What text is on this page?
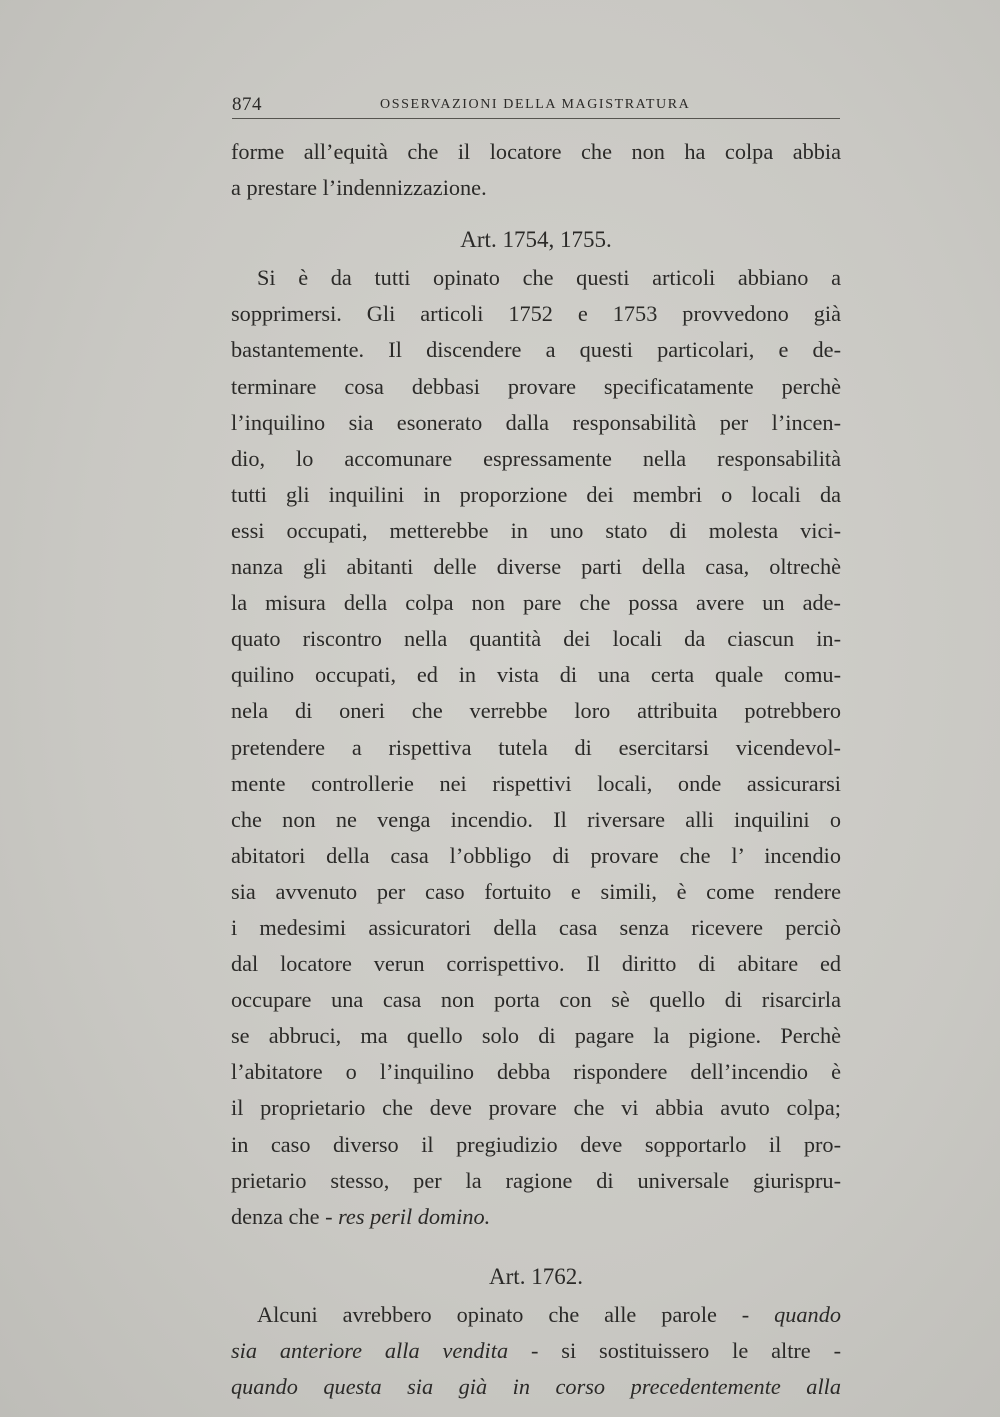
874	OSSERVAZIONI DELLA MAGISTRATURA
forme all’equità che il locatore che non ha colpa abbia
a prestare l’indennizzazione.
Art. 1754, 1755.
Si è da tutti opinato che questi articoli abbiano a
sopprimersi. Gli articoli 1752 e 1753 provvedono già
bastantemente. Il discendere a questi particolari, e de-
terminare cosa debbasi provare specificatamente perchè
l’inquilino sia esonerato dalla responsabilità per l’incen-
dio, lo accomunare espressamente nella responsabilità
tutti gli inquilini in proporzione dei membri o locali da
essi occupati, metterebbe in uno stato di molesta vici-
nanza gli abitanti delle diverse parti della casa, oltrechè
la misura della colpa non pare che possa avere un ade-
quato riscontro nella quantità dei locali da ciascun in-
quilino occupati, ed in vista di una certa quale comu-
nela di oneri che verrebbe loro attribuita potrebbero
pretendere a rispettiva tutela di esercitarsi vicendevol-
mente controllerie nei rispettivi locali, onde assicurarsi
che non ne venga incendio. Il riversare alli inquilini o
abitatori della casa l’obbligo di provare che l’ incendio
sia avvenuto per caso fortuito e simili, è come rendere
i medesimi assicuratori della casa senza ricevere perciò
dal locatore verun corrispettivo. Il diritto di abitare ed
occupare una casa non porta con sè quello di risarcirla
se abbruci, ma quello solo di pagare la pigione. Perchè
l’abitatore o l’inquilino debba rispondere dell’incendio è
il proprietario che deve provare che vi abbia avuto colpa;
in caso diverso il pregiudizio deve sopportarlo il pro-
prietario stesso, per la ragione di universale giurispru-
denza che - res peril domino.
Art. 1762.
Alcuni avrebbero opinato che alle parole - quando
sia anteriore alla vendita - si sostituissero le altre -
quando questa sia già in corso precedentemente alla
